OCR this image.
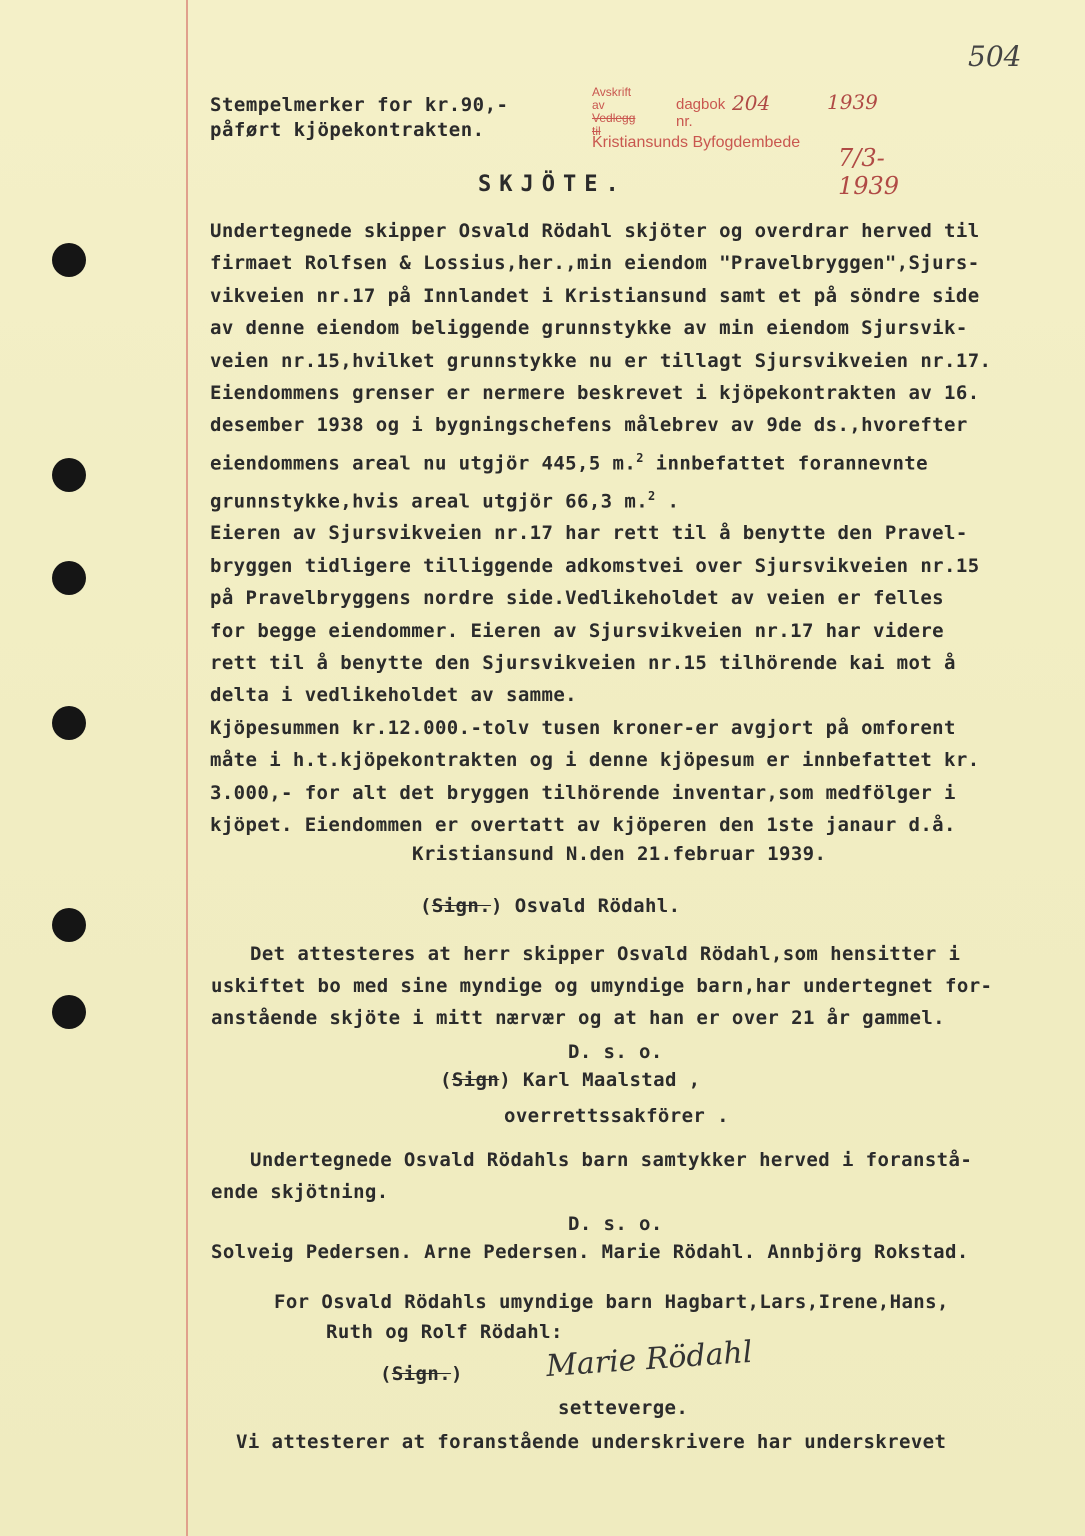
504
Stempelmerker for kr.90,-
påført kjöpekontrakten.
Avskrift av
Vedlegg til
dagbok nr.
204	1939
Kristiansunds Byfogdembede
7/3-1939
SKJÖTE.
Undertegnede skipper Osvald Rödahl skjöter og overdrar herved til
firmaet Rolfsen & Lossius,her.,min eiendom "Pravelbryggen",Sjurs-
vikveien nr.17 på Innlandet i Kristiansund samt et på söndre side
av denne eiendom beliggende grunnstykke av min eiendom Sjursvik-
veien nr.15,hvilket grunnstykke nu er tillagt Sjursvikveien nr.17.
Eiendommens grenser er nermere beskrevet i kjöpekontrakten av 16.
desember 1938 og i bygningschefens målebrev av 9de ds.,hvorefter
eiendommens areal nu utgjör 445,5 m.$^2$ innbefattet forannevnte
grunnstykke,hvis areal utgjör 66,3 m.$^2$ .
Eieren av Sjursvikveien nr.17 har rett til å benytte den Pravel-
bryggen tidligere tilliggende adkomstvei over Sjursvikveien nr.15
på Pravelbryggens nordre side.Vedlikeholdet av veien er felles
for begge eiendommer. Eieren av Sjursvikveien nr.17 har videre
rett til å benytte den Sjursvikveien nr.15 tilhörende kai mot å
delta i vedlikeholdet av samme.
Kjöpesummen kr.12.000.-tolv tusen kroner-er avgjort på omforent
måte i h.t.kjöpekontrakten og i denne kjöpesum er innbefattet kr.
3.000,- for alt det bryggen tilhörende inventar,som medfölger i
kjöpet. Eiendommen er overtatt av kjöperen den 1ste janaur d.å.
Kristiansund N.den 21.februar 1939.
(Sign.) Osvald Rödahl.
Det attesteres at herr skipper Osvald Rödahl,som hensitter i
uskiftet bo med sine myndige og umyndige barn,har undertegnet for-
anstående skjöte i mitt nærvær og at han er over 21 år gammel.
D. s. o.
(Sign) Karl Maalstad ,
overrettssakförer .
Undertegnede Osvald Rödahls barn samtykker herved i foranstå-
ende skjötning.
D. s. o.
Solveig Pedersen. Arne Pedersen. Marie Rödahl. Annbjörg Rokstad.
For Osvald Rödahls umyndige barn Hagbart,Lars,Irene,Hans,
Ruth og Rolf Rödahl:
(Sign.)	Marie Rödahl
setteverge.
Vi attesterer at foranstående underskrivere har underskrevet
